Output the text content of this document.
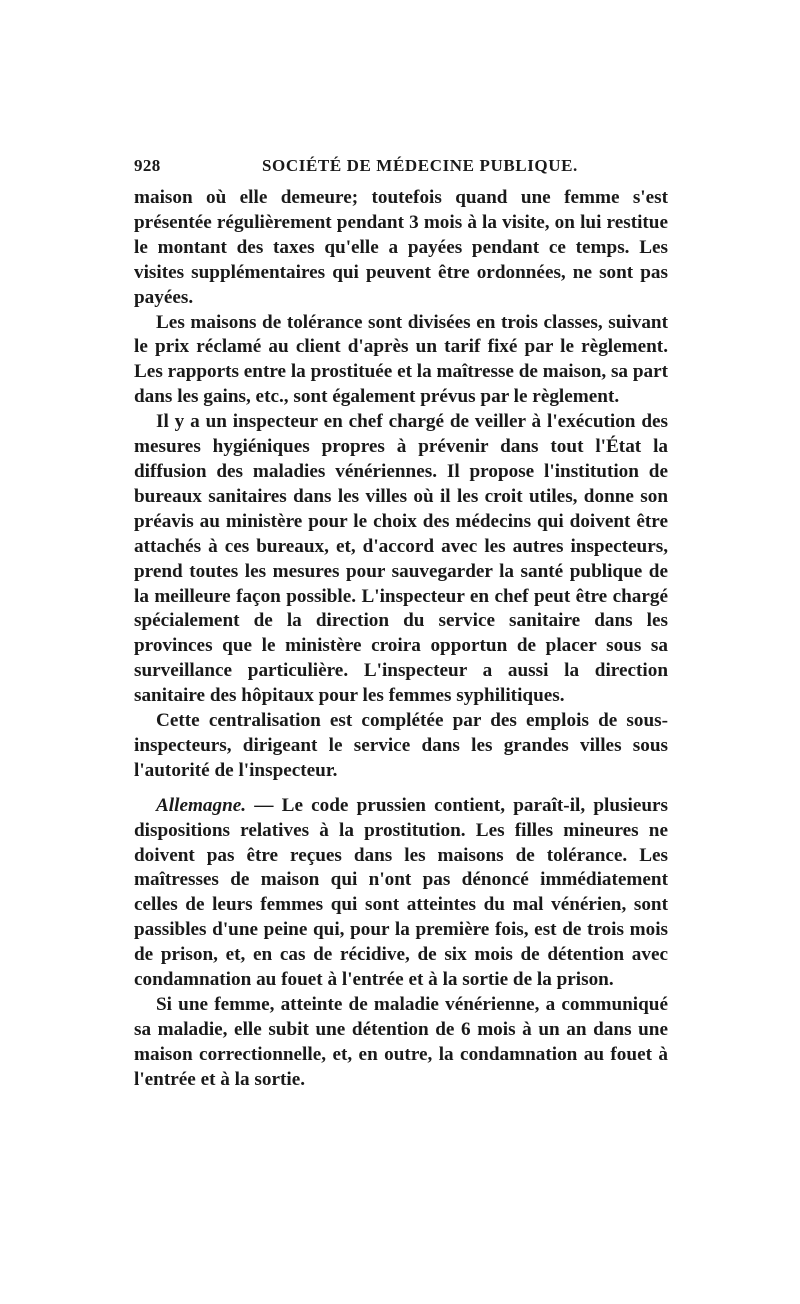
928	SOCIÉTÉ DE MÉDECINE PUBLIQUE.

maison où elle demeure; toutefois quand une femme s'est présentée régulièrement pendant 3 mois à la visite, on lui restitue le montant des taxes qu'elle a payées pendant ce temps. Les visites supplémentaires qui peuvent être ordonnées, ne sont pas payées.

Les maisons de tolérance sont divisées en trois classes, suivant le prix réclamé au client d'après un tarif fixé par le règlement. Les rapports entre la prostituée et la maîtresse de maison, sa part dans les gains, etc., sont également prévus par le règlement.

Il y a un inspecteur en chef chargé de veiller à l'exécution des mesures hygiéniques propres à prévenir dans tout l'État la diffusion des maladies vénériennes. Il propose l'institution de bureaux sanitaires dans les villes où il les croit utiles, donne son préavis au ministère pour le choix des médecins qui doivent être attachés à ces bureaux, et, d'accord avec les autres inspecteurs, prend toutes les mesures pour sauvegarder la santé publique de la meilleure façon possible. L'inspecteur en chef peut être chargé spécialement de la direction du service sanitaire dans les provinces que le ministère croira opportun de placer sous sa surveillance particulière. L'inspecteur a aussi la direction sanitaire des hôpitaux pour les femmes syphilitiques.

Cette centralisation est complétée par des emplois de sous-inspecteurs, dirigeant le service dans les grandes villes sous l'autorité de l'inspecteur.

Allemagne. — Le code prussien contient, paraît-il, plusieurs dispositions relatives à la prostitution. Les filles mineures ne doivent pas être reçues dans les maisons de tolérance. Les maîtresses de maison qui n'ont pas dénoncé immédiatement celles de leurs femmes qui sont atteintes du mal vénérien, sont passibles d'une peine qui, pour la première fois, est de trois mois de prison, et, en cas de récidive, de six mois de détention avec condamnation au fouet à l'entrée et à la sortie de la prison.

Si une femme, atteinte de maladie vénérienne, a communiqué sa maladie, elle subit une détention de 6 mois à un an dans une maison correctionnelle, et, en outre, la condamnation au fouet à l'entrée et à la sortie.
